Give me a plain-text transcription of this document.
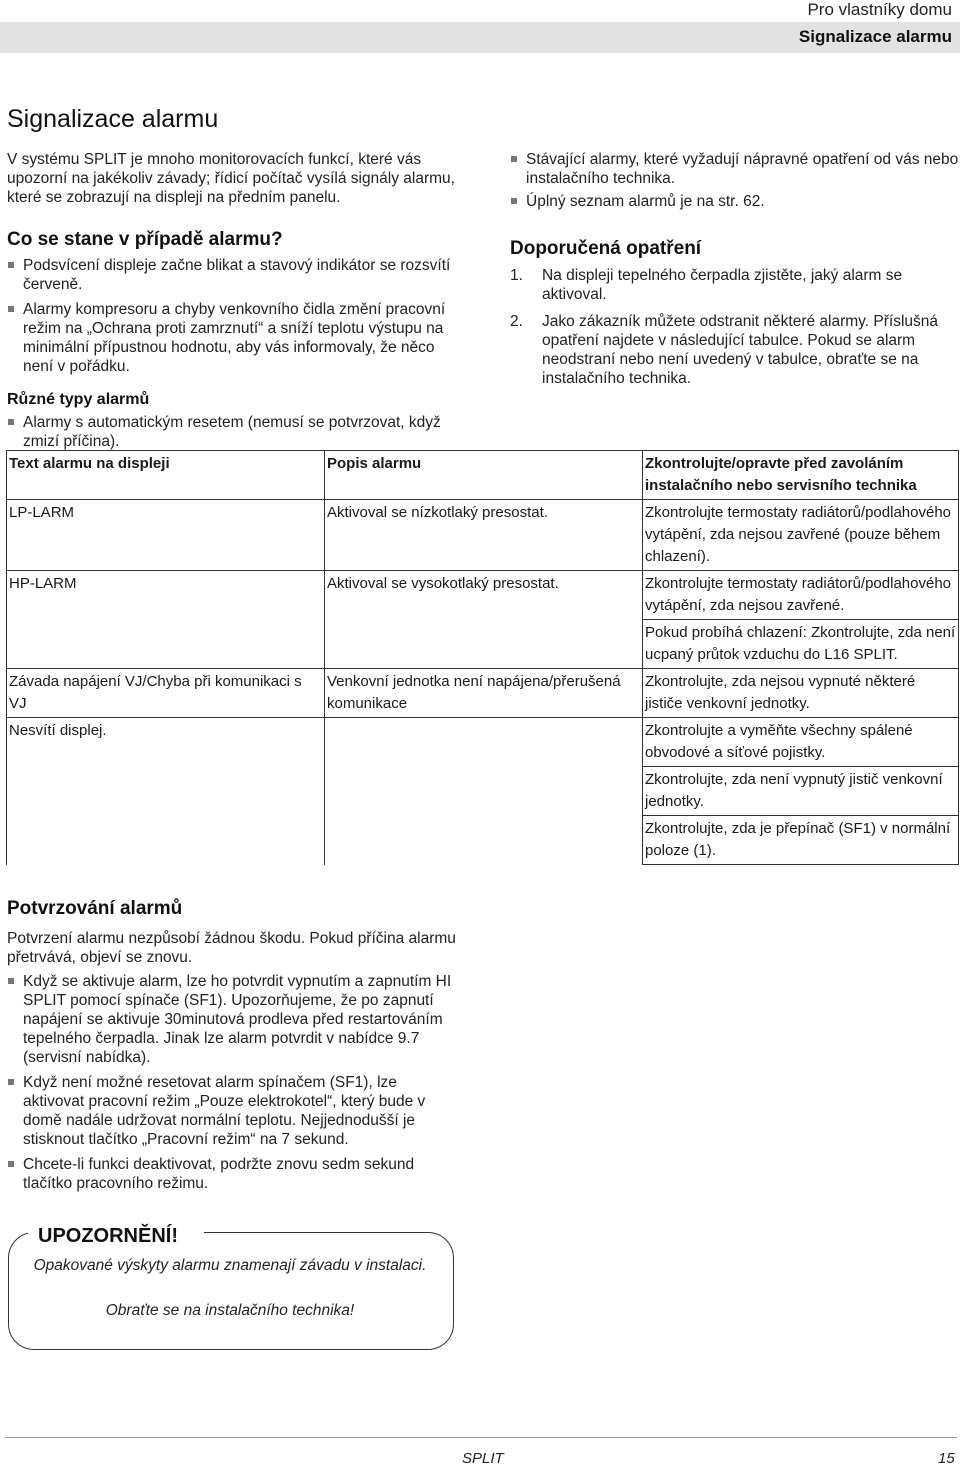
Pro vlastníky domu
Signalizace alarmu
Signalizace alarmu
V systému SPLIT je mnoho monitorovacích funkcí, které vás upozorní na jakékoliv závady; řídicí počítač vysílá signály alarmu, které se zobrazují na displeji na předním panelu.
Co se stane v případě alarmu?
Podsvícení displeje začne blikat a stavový indikátor se rozsvítí červeně.
Alarmy kompresoru a chyby venkovního čidla změní pracovní režim na „Ochrana proti zamrznutí“ a sníží teplotu výstupu na minimální přípustnou hodnotu, aby vás informovaly, že něco není v pořádku.
Různé typy alarmů
Alarmy s automatickým resetem (nemusí se potvrzovat, když zmizí příčina).
Stávající alarmy, které vyžadují nápravné opatření od vás nebo instalačního technika.
Úplný seznam alarmů je na str. 62.
Doporučená opatření
1. Na displeji tepelného čerpadla zjistěte, jaký alarm se aktivoval.
2. Jako zákazník můžete odstranit některé alarmy. Příslušná opatření najdete v následující tabulce. Pokud se alarm neodstraní nebo není uvedený v tabulce, obraťte se na instalačního technika.
Text alarmu na displeji	Popis alarmu	Zkontrolujte/opravte před zavoláním instalačního nebo servisního technika
LP-LARM	Aktivoval se nízkotlaký presostat.	Zkontrolujte termostaty radiátorů/podlahového vytápění, zda nejsou zavřené (pouze během chlazení).
HP-LARM	Aktivoval se vysokotlaký presostat.	Zkontrolujte termostaty radiátorů/podlahového vytápění, zda nejsou zavřené.
		Pokud probíhá chlazení: Zkontrolujte, zda není ucpaný průtok vzduchu do L16 SPLIT.
Závada napájení VJ/Chyba při komunikaci s VJ	Venkovní jednotka není napájena/přerušená komunikace	Zkontrolujte, zda nejsou vypnuté některé jističe venkovní jednotky.
Nesvítí displej.		Zkontrolujte a vyměňte všechny spálené obvodové a síťové pojistky.
		Zkontrolujte, zda není vypnutý jistič venkovní jednotky.
		Zkontrolujte, zda je přepínač (SF1) v normální poloze (1).
Potvrzování alarmů
Potvrzení alarmu nezpůsobí žádnou škodu. Pokud příčina alarmu přetrvává, objeví se znovu.
Když se aktivuje alarm, lze ho potvrdit vypnutím a zapnutím HI SPLIT pomocí spínače (SF1). Upozorňujeme, že po zapnutí napájení se aktivuje 30minutová prodleva před restartováním tepelného čerpadla. Jinak lze alarm potvrdit v nabídce 9.7 (servisní nabídka).
Když není možné resetovat alarm spínačem (SF1), lze aktivovat pracovní režim „Pouze elektrokotel“, který bude v domě nadále udržovat normální teplotu. Nejjednodušší je stisknout tlačítko „Pracovní režim“ na 7 sekund.
Chcete-li funkci deaktivovat, podržte znovu sedm sekund tlačítko pracovního režimu.
UPOZORNĚNÍ!
Opakované výskyty alarmu znamenají závadu v instalaci.
Obraťte se na instalačního technika!
SPLIT	15
